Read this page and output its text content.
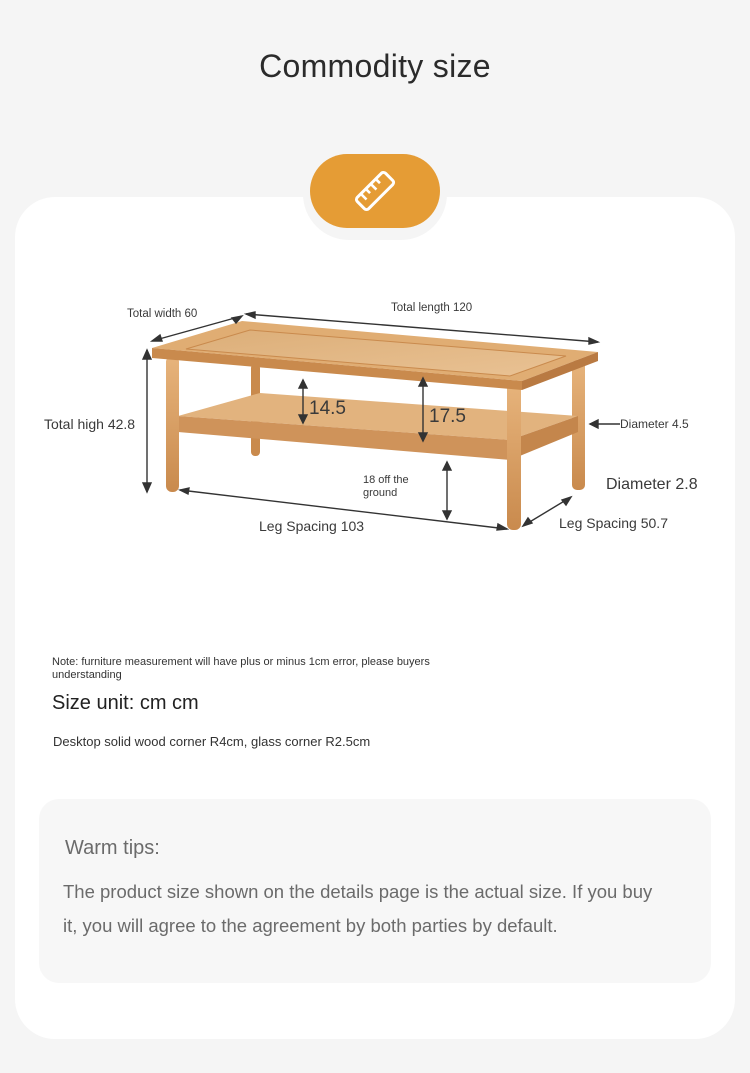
Commodity size
Total width 60	Total length 120
Total high 42.8
14.5	17.5	Diameter 4.5
Diameter 2.8
18 off the
ground
Leg Spacing 103	Leg Spacing 50.7
Note: furniture measurement will have plus or minus 1cm error, please buyers understanding
Size unit: cm cm
Desktop solid wood corner R4cm, glass corner R2.5cm
Warm tips:
The product size shown on the details page is the actual size. If you buy it, you will agree to the agreement by both parties by default.
